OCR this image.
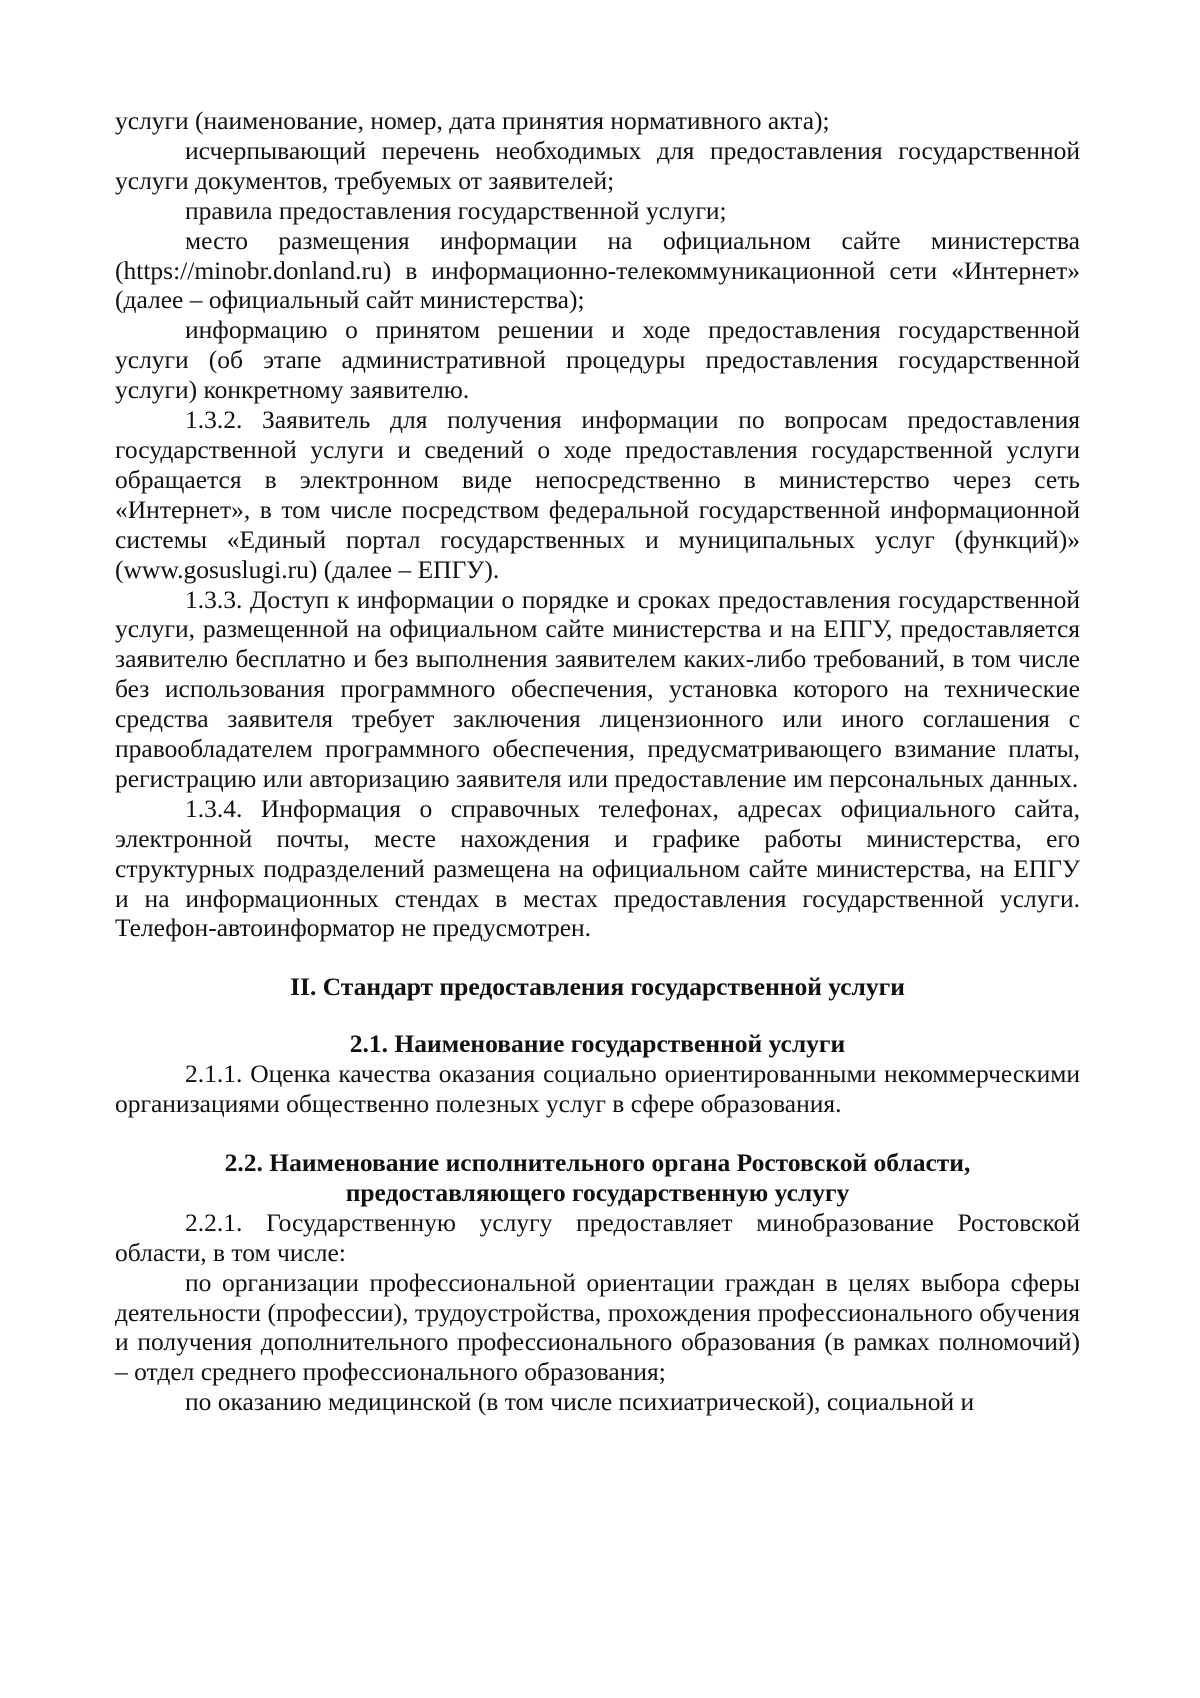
услуги (наименование, номер, дата принятия нормативного акта);

исчерпывающий перечень необходимых для предоставления государственной услуги документов, требуемых от заявителей;

правила предоставления государственной услуги;

место размещения информации на официальном сайте министерства (https://minobr.donland.ru) в информационно-телекоммуникационной сети «Интернет» (далее – официальный сайт министерства);

информацию о принятом решении и ходе предоставления государственной услуги (об этапе административной процедуры предоставления государственной услуги) конкретному заявителю.

1.3.2. Заявитель для получения информации по вопросам предоставления государственной услуги и сведений о ходе предоставления государственной услуги обращается в электронном виде непосредственно в министерство через сеть «Интернет», в том числе посредством федеральной государственной информационной системы «Единый портал государственных и муниципальных услуг (функций)» (www.gosuslugi.ru) (далее – ЕПГУ).

1.3.3. Доступ к информации о порядке и сроках предоставления государственной услуги, размещенной на официальном сайте министерства и на ЕПГУ, предоставляется заявителю бесплатно и без выполнения заявителем каких-либо требований, в том числе без использования программного обеспечения, установка которого на технические средства заявителя требует заключения лицензионного или иного соглашения с правообладателем программного обеспечения, предусматривающего взимание платы, регистрацию или авторизацию заявителя или предоставление им персональных данных.

1.3.4. Информация о справочных телефонах, адресах официального сайта, электронной почты, месте нахождения и графике работы министерства, его структурных подразделений размещена на официальном сайте министерства, на ЕПГУ и на информационных стендах в местах предоставления государственной услуги. Телефон-автоинформатор не предусмотрен.

II. Стандарт предоставления государственной услуги

2.1. Наименование государственной услуги

2.1.1. Оценка качества оказания социально ориентированными некоммерческими организациями общественно полезных услуг в сфере образования.

2.2. Наименование исполнительного органа Ростовской области,
предоставляющего государственную услугу

2.2.1. Государственную услугу предоставляет минобразование Ростовской области, в том числе:

по организации профессиональной ориентации граждан в целях выбора сферы деятельности (профессии), трудоустройства, прохождения профессионального обучения и получения дополнительного профессионального образования (в рамках полномочий) – отдел среднего профессионального образования;

по оказанию медицинской (в том числе психиатрической), социальной и
